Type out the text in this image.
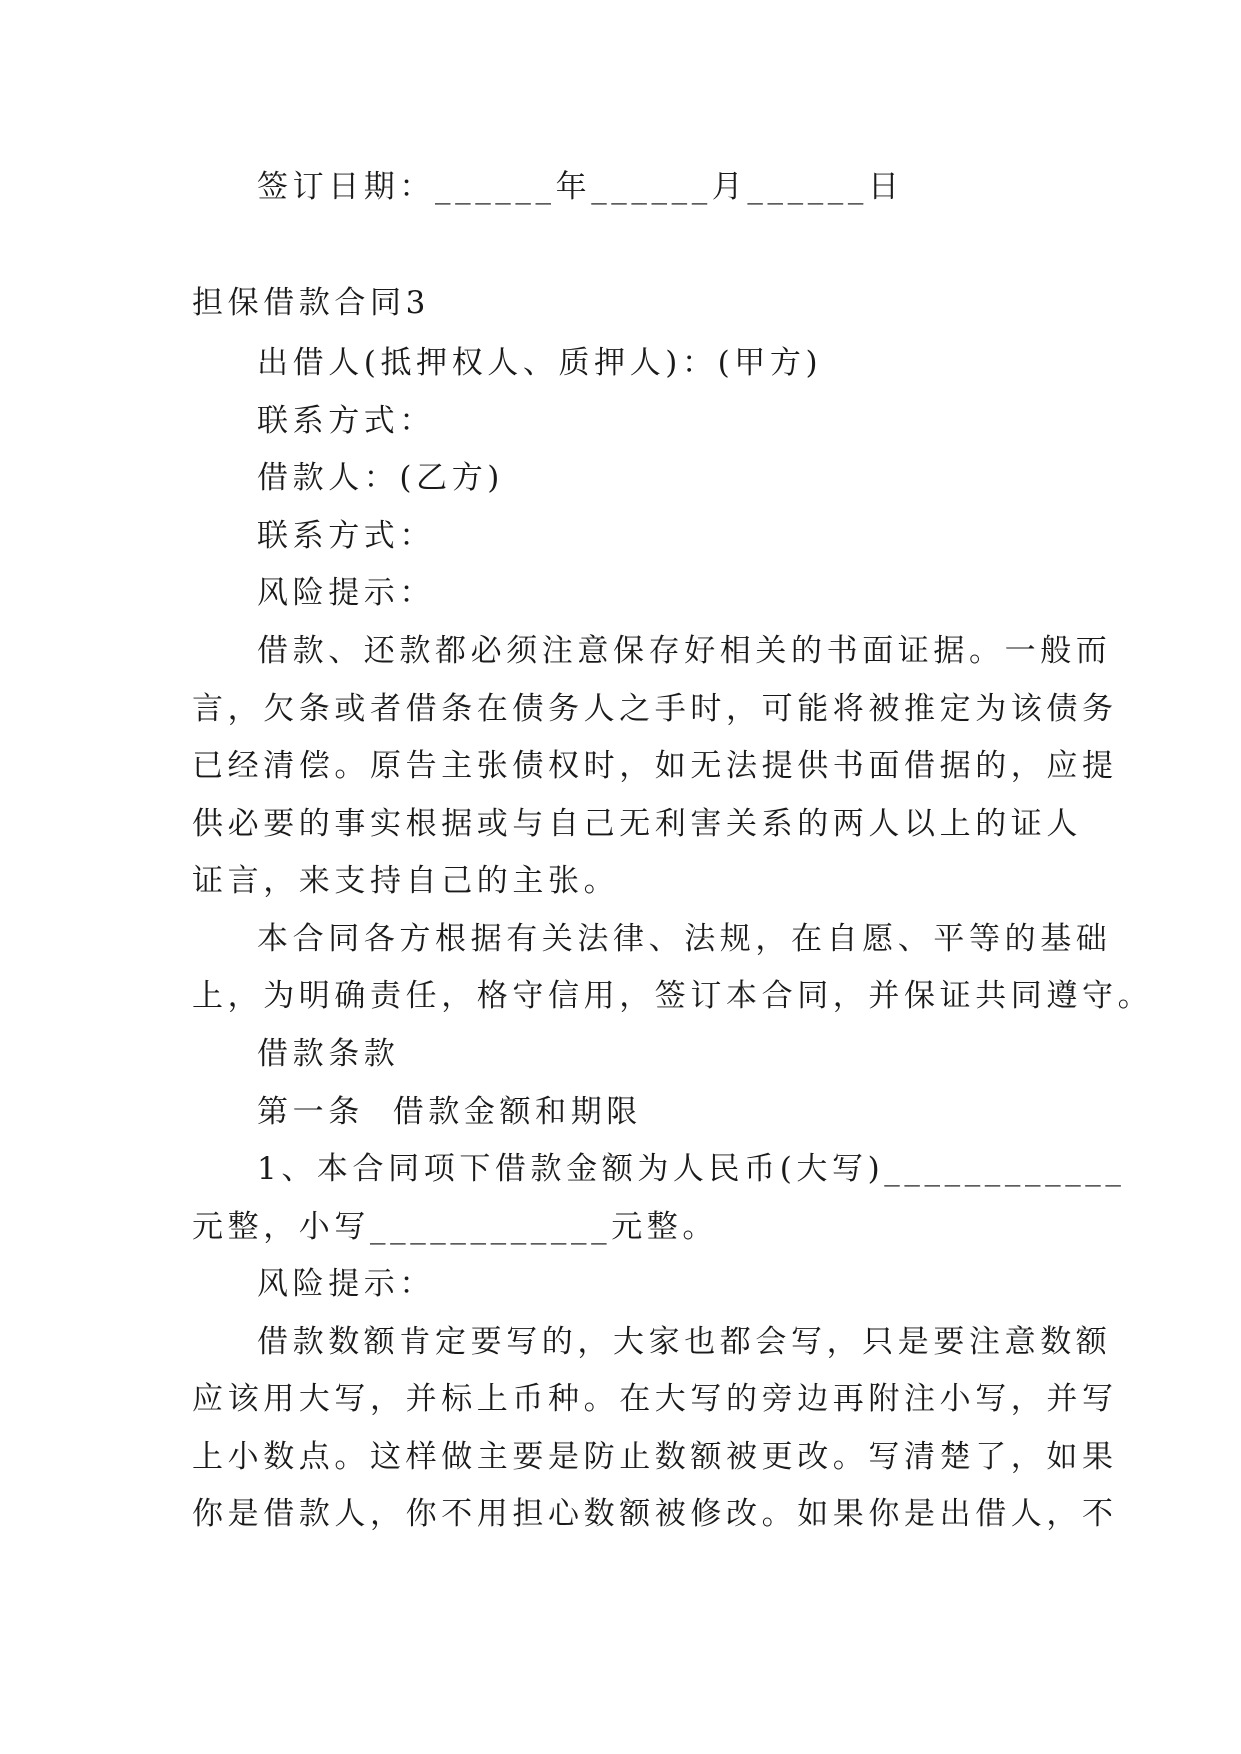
签订日期：______年______月______日
担保借款合同3
出借人(抵押权人、质押人)：(甲方)
联系方式：
借款人：(乙方)
联系方式：
风险提示：
借款、还款都必须注意保存好相关的书面证据。一般而
言，欠条或者借条在债务人之手时，可能将被推定为该债务
已经清偿。原告主张债权时，如无法提供书面借据的，应提
供必要的事实根据或与自己无利害关系的两人以上的证人
证言，来支持自己的主张。
本合同各方根据有关法律、法规，在自愿、平等的基础
上，为明确责任，格守信用，签订本合同，并保证共同遵守。
借款条款
第一条  借款金额和期限
1、本合同项下借款金额为人民币(大写)____________
元整，小写____________元整。
风险提示：
借款数额肯定要写的，大家也都会写，只是要注意数额
应该用大写，并标上币种。在大写的旁边再附注小写，并写
上小数点。这样做主要是防止数额被更改。写清楚了，如果
你是借款人，你不用担心数额被修改。如果你是出借人，不
